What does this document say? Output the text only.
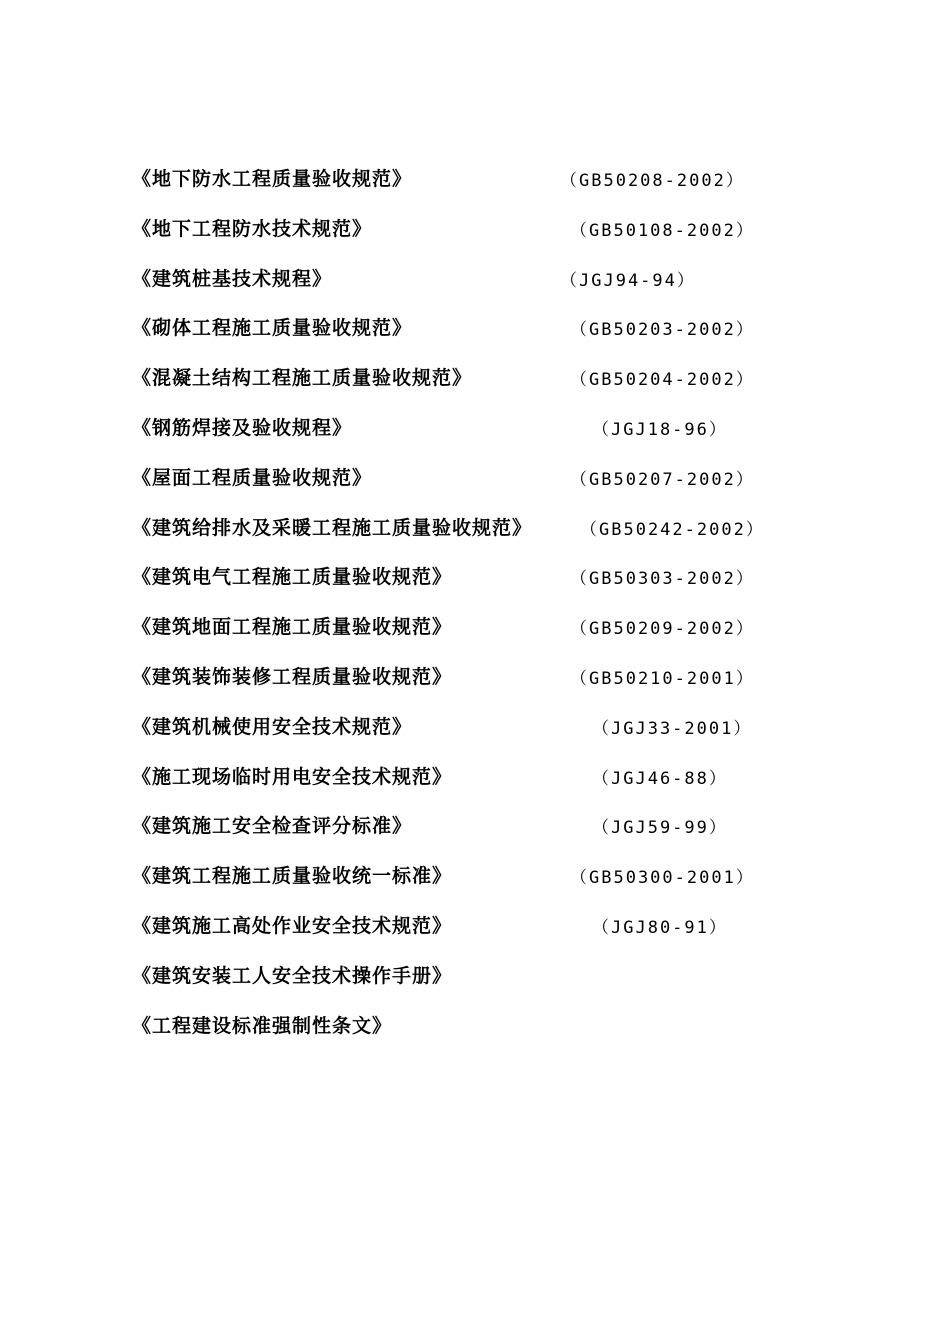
《地下防水工程质量验收规范》	（GB50208-2002）
《地下工程防水技术规范》	（GB50108-2002）
《建筑桩基技术规程》	（JGJ94-94）
《砌体工程施工质量验收规范》	（GB50203-2002）
《混凝土结构工程施工质量验收规范》	（GB50204-2002）
《钢筋焊接及验收规程》	（JGJ18-96）
《屋面工程质量验收规范》	（GB50207-2002）
《建筑给排水及采暖工程施工质量验收规范》	（GB50242-2002）
《建筑电气工程施工质量验收规范》	（GB50303-2002）
《建筑地面工程施工质量验收规范》	（GB50209-2002）
《建筑装饰装修工程质量验收规范》	（GB50210-2001）
《建筑机械使用安全技术规范》	（JGJ33-2001）
《施工现场临时用电安全技术规范》	（JGJ46-88）
《建筑施工安全检查评分标准》	（JGJ59-99）
《建筑工程施工质量验收统一标准》	（GB50300-2001）
《建筑施工高处作业安全技术规范》	（JGJ80-91）
《建筑安装工人安全技术操作手册》
《工程建设标准强制性条文》
